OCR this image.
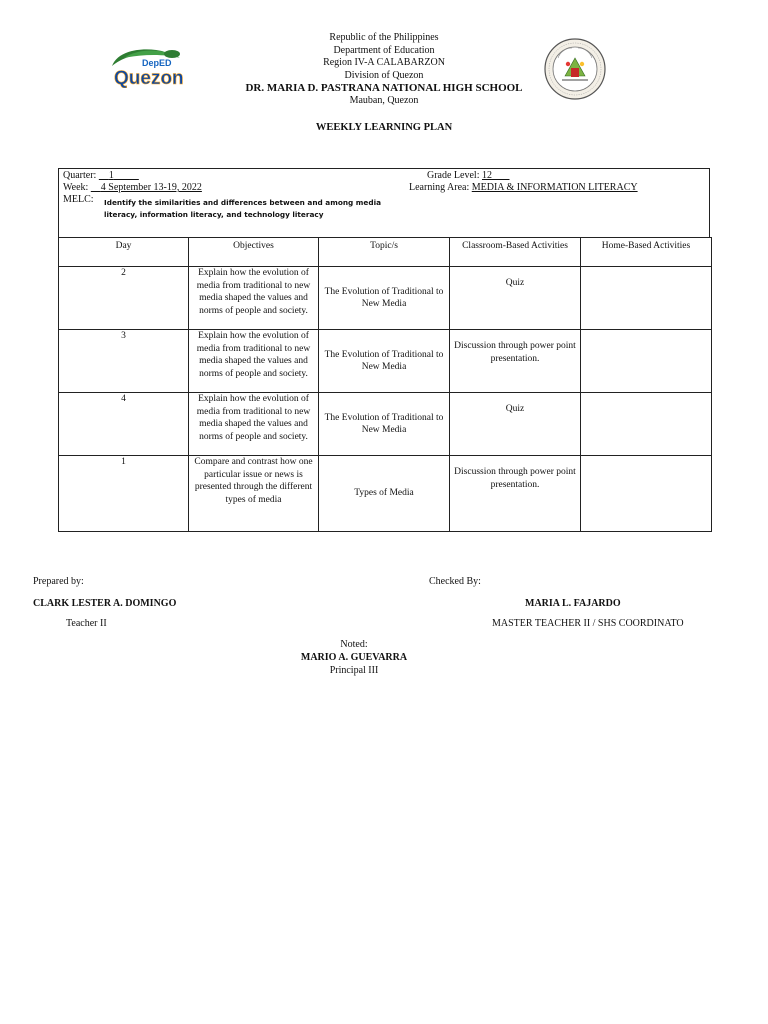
DepED
Quezon
Republic of the Philippines
Department of Education
Region IV-A CALABARZON
Division of Quezon
DR. MARIA D. PASTRANA NATIONAL HIGH SCHOOL
Mauban, Quezon
WEEKLY LEARNING PLAN
Quarter: 1
Week: 4 September 13-19, 2022
MELC: Identify the similarities and differences between and among media literacy, information literacy, and technology literacy
Grade Level: 12
Learning Area: MEDIA & INFORMATION LITERACY
Day	Objectives	Topic/s	Classroom-Based Activities	Home-Based Activities
2	Explain how the evolution of media from traditional to new media shaped the values and norms of people and society.	The Evolution of Traditional to New Media	Quiz	
3	Explain how the evolution of media from traditional to new media shaped the values and norms of people and society.	The Evolution of Traditional to New Media	Discussion through power point presentation.	
4	Explain how the evolution of media from traditional to new media shaped the values and norms of people and society.	The Evolution of Traditional to New Media	Quiz	
1	Compare and contrast how one particular issue or news is presented through the different types of media	Types of Media	Discussion through power point presentation.	
Prepared by:
CLARK LESTER A. DOMINGO
Teacher II
Checked By:
MARIA L. FAJARDO
MASTER TEACHER II / SHS COORDINATO
Noted:
MARIO A. GUEVARRA
Principal III
